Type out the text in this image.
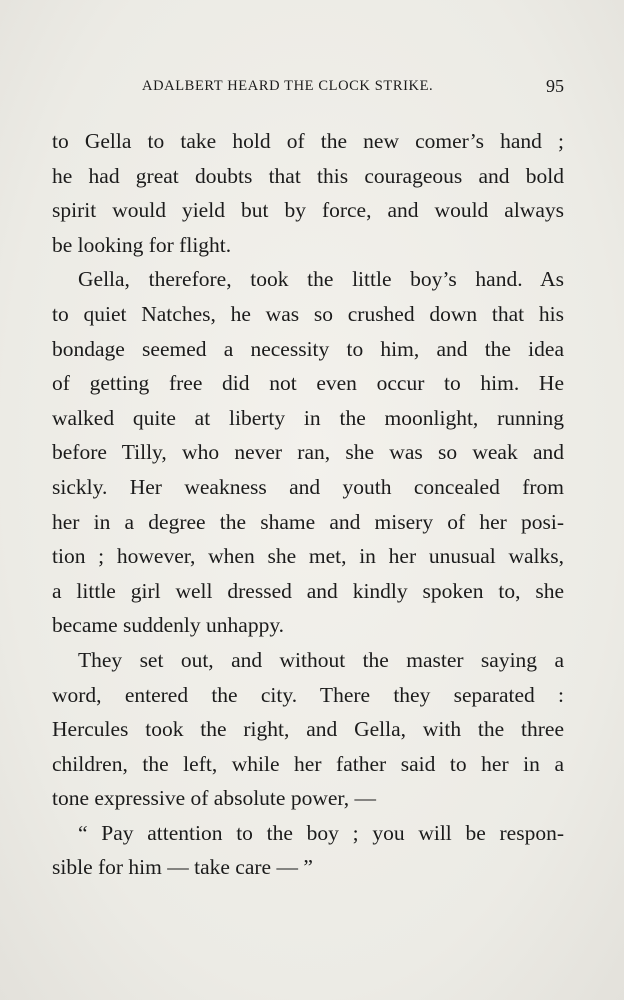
ADALBERT HEARD THE CLOCK STRIKE.	95
to Gella to take hold of the new comer’s hand ;
he had great doubts that this courageous and bold
spirit would yield but by force, and would always
be looking for flight.
Gella, therefore, took the little boy’s hand. As
to quiet Natches, he was so crushed down that his
bondage seemed a necessity to him, and the idea
of getting free did not even occur to him. He
walked quite at liberty in the moonlight, running
before Tilly, who never ran, she was so weak and
sickly. Her weakness and youth concealed from
her in a degree the shame and misery of her posi-
tion ; however, when she met, in her unusual walks,
a little girl well dressed and kindly spoken to, she
became suddenly unhappy.
They set out, and without the master saying a
word, entered the city. There they separated :
Hercules took the right, and Gella, with the three
children, the left, while her father said to her in a
tone expressive of absolute power, —
“ Pay attention to the boy ; you will be respon-
sible for him — take care — ”
